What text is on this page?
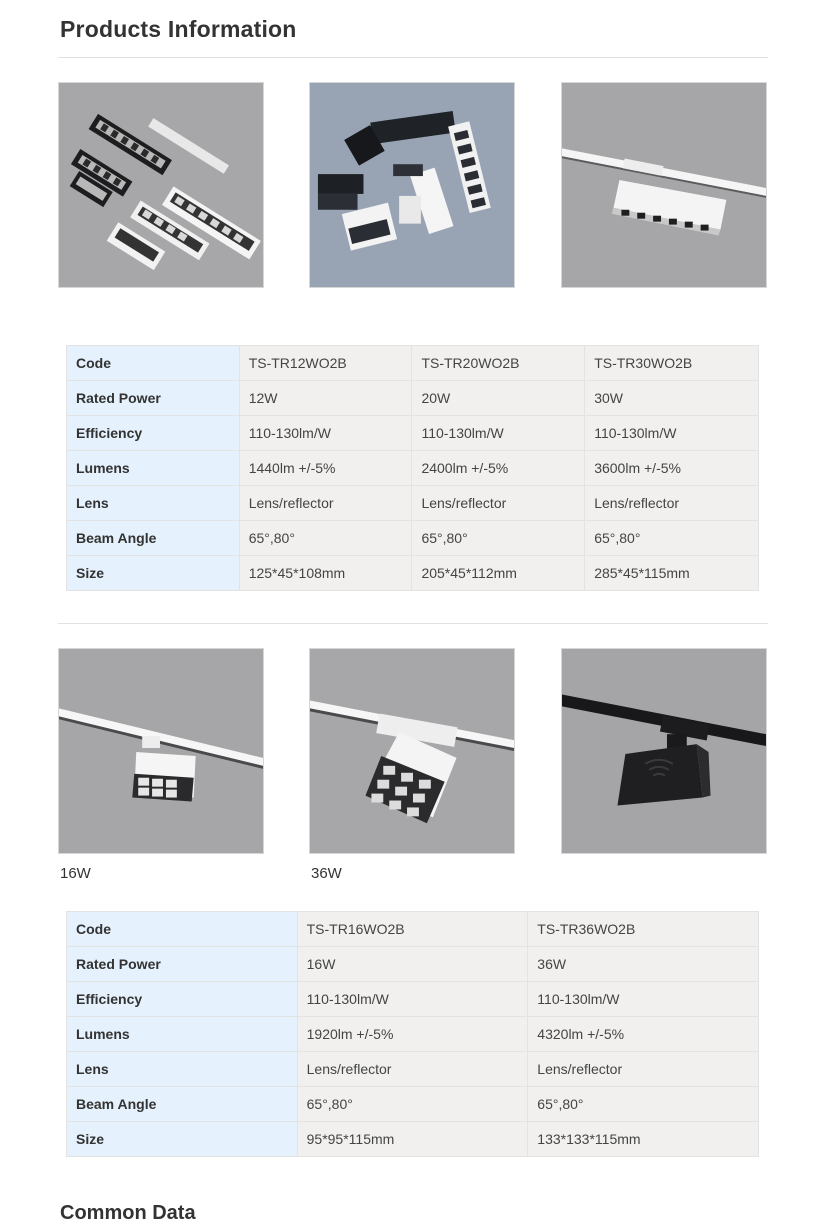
Products Information
Code	TS-TR12WO2B	TS-TR20WO2B	TS-TR30WO2B
Rated Power	12W	20W	30W
Efficiency	110-130lm/W	110-130lm/W	110-130lm/W
Lumens	1440lm +/-5%	2400lm +/-5%	3600lm +/-5%
Lens	Lens/reflector	Lens/reflector	Lens/reflector
Beam Angle	65°,80°	65°,80°	65°,80°
Size	125*45*108mm	205*45*112mm	285*45*115mm
16W	36W
Code	TS-TR16WO2B	TS-TR36WO2B
Rated Power	16W	36W
Efficiency	110-130lm/W	110-130lm/W
Lumens	1920lm +/-5%	4320lm +/-5%
Lens	Lens/reflector	Lens/reflector
Beam Angle	65°,80°	65°,80°
Size	95*95*115mm	133*133*115mm
Common Data
